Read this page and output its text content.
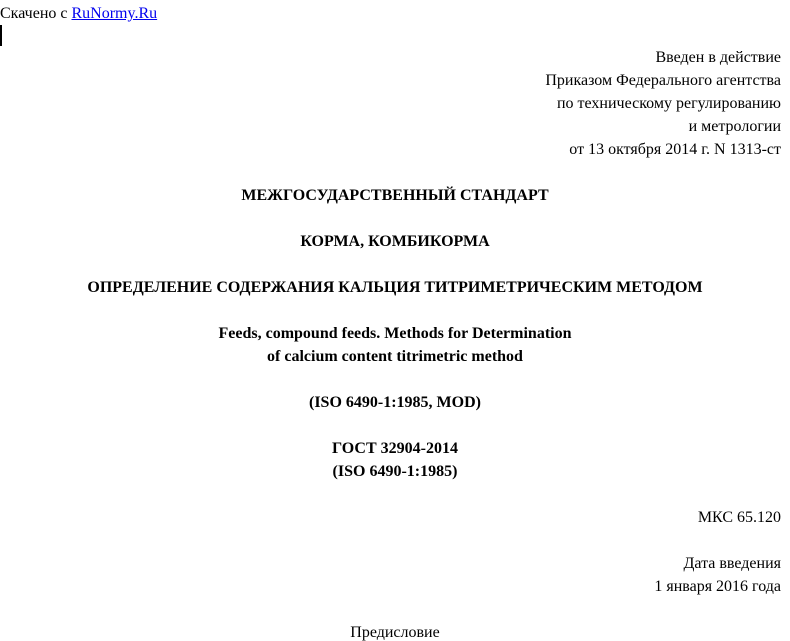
Скачено с RuNormy.Ru
Введен в действие
Приказом Федерального агентства
по техническому регулированию
и метрологии
от 13 октября 2014 г. N 1313-ст
МЕЖГОСУДАРСТВЕННЫЙ СТАНДАРТ
КОРМА, КОМБИКОРМА
ОПРЕДЕЛЕНИЕ СОДЕРЖАНИЯ КАЛЬЦИЯ ТИТРИМЕТРИЧЕСКИМ МЕТОДОМ
Feeds, compound feeds. Methods for Determination
of calcium content titrimetric method
(ISO 6490-1:1985, MOD)
ГОСТ 32904-2014
(ISO 6490-1:1985)
МКС 65.120
Дата введения
1 января 2016 года
Предисловие
